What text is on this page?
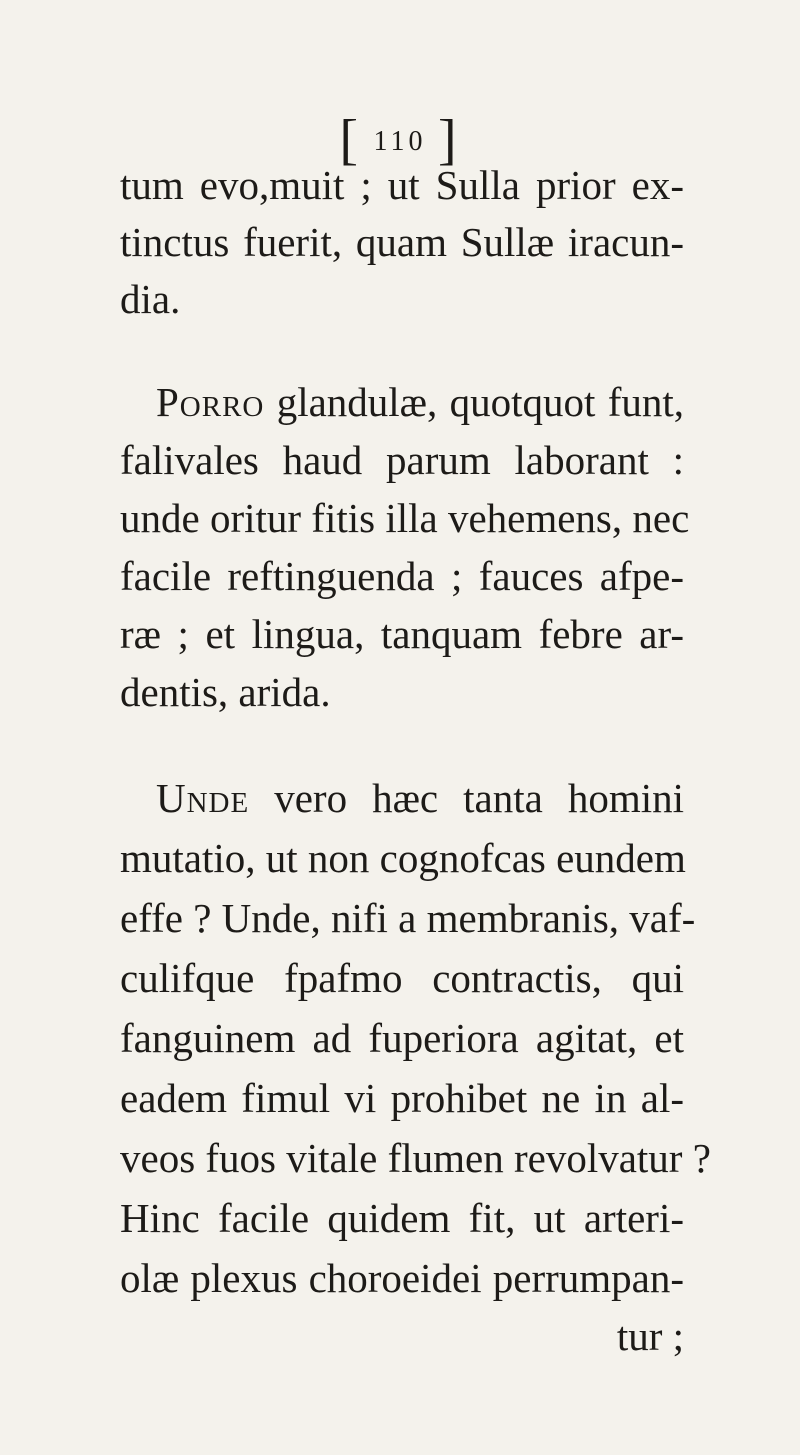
[ 110 ]
tum evo,muit ; ut Sulla prior ex-
tinctus fuerit, quam Sullæ iracun-
dia.
Porro glandulæ, quotquot funt,
falivales haud parum laborant :
unde oritur fitis illa vehemens, nec
facile reftinguenda ; fauces afpe-
ræ ; et lingua, tanquam febre ar-
dentis, arida.
Unde vero hæc tanta homini
mutatio, ut non cognofcas eundem
effe ? Unde, nifi a membranis, vaf-
culifque fpafmo contractis, qui
fanguinem ad fuperiora agitat, et
eadem fimul vi prohibet ne in al-
veos fuos vitale flumen revolvatur ?
Hinc facile quidem fit, ut arteri-
olæ plexus choroeidei perrumpan-
tur ;
